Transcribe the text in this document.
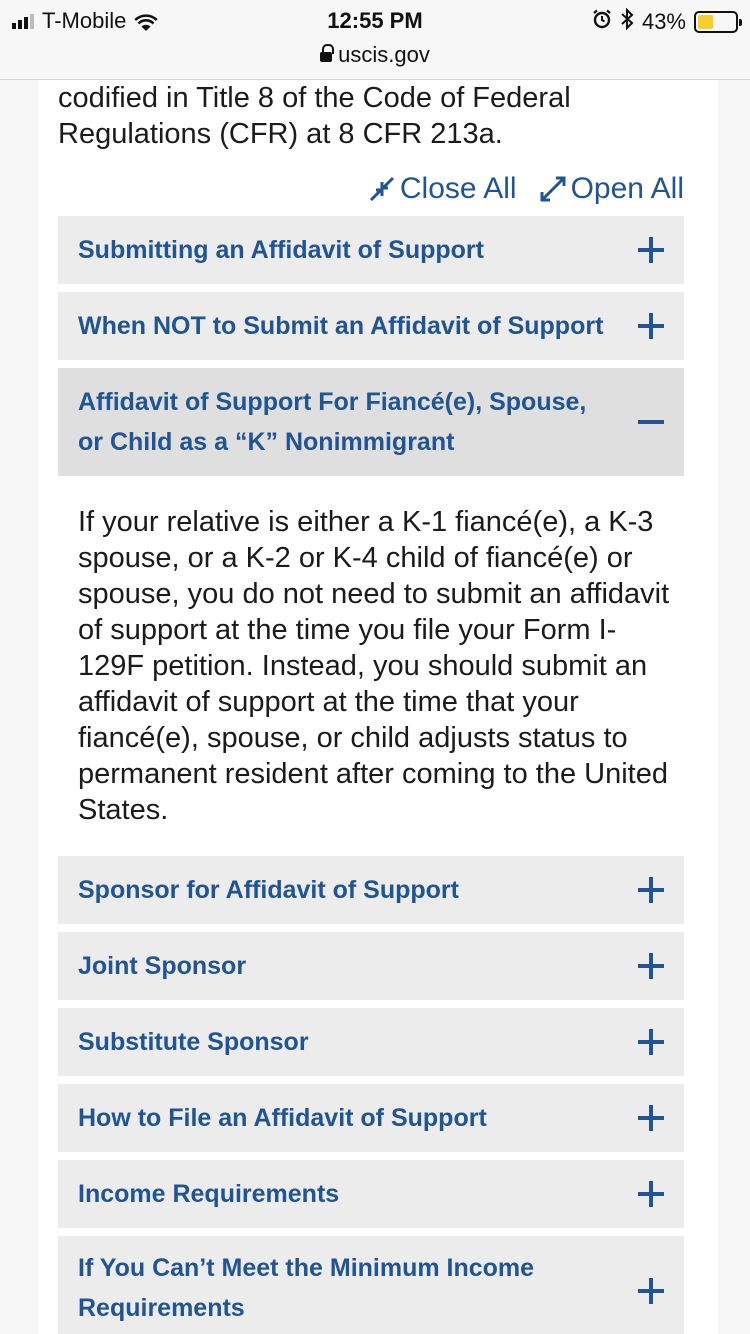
T-Mobile	12:55 PM
uscis.gov
43%
codified in Title 8 of the Code of Federal Regulations (CFR) at 8 CFR 213a.
Close All Open All
Submitting an Affidavit of Support
When NOT to Submit an Affidavit of Support
Affidavit of Support For Fiancé(e), Spouse, or Child as a “K” Nonimmigrant
If your relative is either a K-1 fiancé(e), a K-3 spouse, or a K-2 or K-4 child of fiancé(e) or spouse, you do not need to submit an affidavit of support at the time you file your Form I-129F petition. Instead, you should submit an affidavit of support at the time that your fiancé(e), spouse, or child adjusts status to permanent resident after coming to the United States.
Sponsor for Affidavit of Support
Joint Sponsor
Substitute Sponsor
How to File an Affidavit of Support
Income Requirements
If You Can’t Meet the Minimum Income Requirements
